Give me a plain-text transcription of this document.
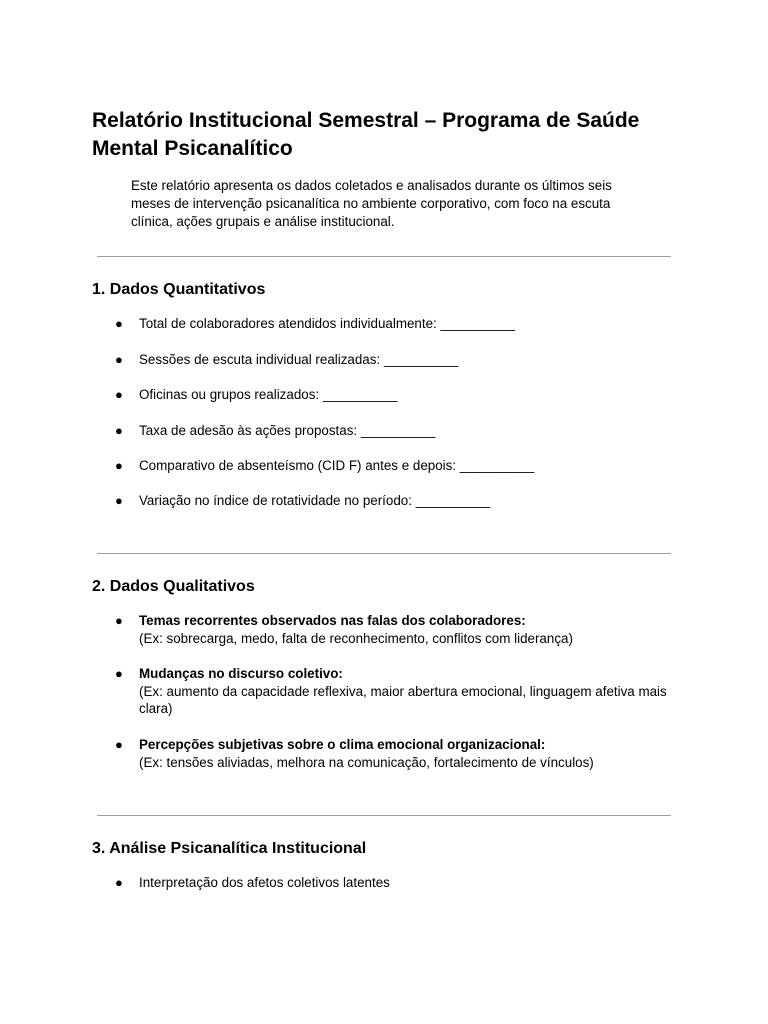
Relatório Institucional Semestral – Programa de Saúde Mental Psicanalítico

Este relatório apresenta os dados coletados e analisados durante os últimos seis meses de intervenção psicanalítica no ambiente corporativo, com foco na escuta clínica, ações grupais e análise institucional.

1. Dados Quantitativos
● Total de colaboradores atendidos individualmente: __________
● Sessões de escuta individual realizadas: __________
● Oficinas ou grupos realizados: __________
● Taxa de adesão às ações propostas: __________
● Comparativo de absenteísmo (CID F) antes e depois: __________
● Variação no índice de rotatividade no período: __________
2. Dados Qualitativos
● Temas recorrentes observados nas falas dos colaboradores:
(Ex: sobrecarga, medo, falta de reconhecimento, conflitos com liderança)
● Mudanças no discurso coletivo:
(Ex: aumento da capacidade reflexiva, maior abertura emocional, linguagem afetiva mais clara)
● Percepções subjetivas sobre o clima emocional organizacional:
(Ex: tensões aliviadas, melhora na comunicação, fortalecimento de vínculos)
3. Análise Psicanalítica Institucional
● Interpretação dos afetos coletivos latentes
